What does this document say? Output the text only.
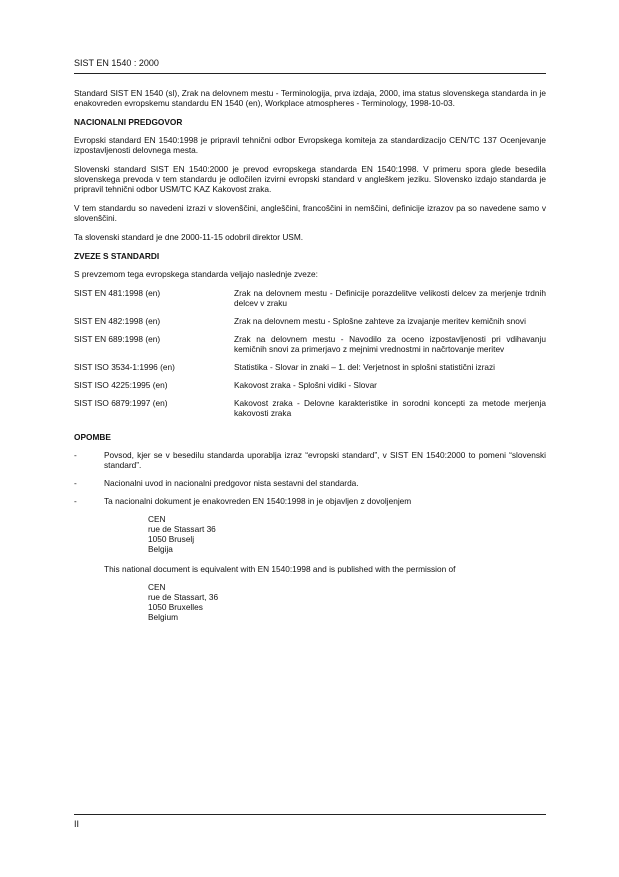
SIST EN 1540 : 2000

Standard SIST EN 1540 (sl), Zrak na delovnem mestu - Terminologija, prva izdaja, 2000, ima status slovenskega standarda in je enakovreden evropskemu standardu EN 1540 (en), Workplace atmospheres - Terminology, 1998-10-03.

NACIONALNI PREDGOVOR

Evropski standard EN 1540:1998 je pripravil tehnični odbor Evropskega komiteja za standardizacijo CEN/TC 137 Ocenjevanje izpostavljenosti delovnega mesta.

Slovenski standard SIST EN 1540:2000 je prevod evropskega standarda EN 1540:1998. V primeru spora glede besedila slovenskega prevoda v tem standardu je odločilen izvirni evropski standard v angleškem jeziku. Slovensko izdajo standarda je pripravil tehnični odbor USM/TC KAZ Kakovost zraka.

V tem standardu so navedeni izrazi v slovenščini, angleščini, francoščini in nemščini, definicije izrazov pa so navedene samo v slovenščini.

Ta slovenski standard je dne 2000-11-15 odobril direktor USM.

ZVEZE S STANDARDI

S prevzemom tega evropskega standarda veljajo naslednje zveze:

SIST EN 481:1998 (en)	Zrak na delovnem mestu - Definicije porazdelitve velikosti delcev za merjenje trdnih delcev v zraku
SIST EN 482:1998 (en)	Zrak na delovnem mestu - Splošne zahteve za izvajanje meritev kemičnih snovi
SIST EN 689:1998 (en)	Zrak na delovnem mestu - Navodilo za oceno izpostavljenosti pri vdihavanju kemičnih snovi za primerjavo z mejnimi vrednostmi in načrtovanje meritev
SIST ISO 3534-1:1996 (en)	Statistika - Slovar in znaki – 1. del: Verjetnost in splošni statistični izrazi
SIST ISO 4225:1995 (en)	Kakovost zraka - Splošni vidiki - Slovar
SIST ISO 6879:1997 (en)	Kakovost zraka - Delovne karakteristike in sorodni koncepti za metode merjenja kakovosti zraka
OPOMBE
-	Povsod, kjer se v besedilu standarda uporablja izraz “evropski standard”, v SIST EN 1540:2000 to pomeni “slovenski standard”.
-	Nacionalni uvod in nacionalni predgovor nista sestavni del standarda.
-	Ta nacionalni dokument je enakovreden EN 1540:1998 in je objavljen z dovoljenjem
CEN
rue de Stassart 36
1050 Bruselj
Belgija
This national document is equivalent with EN 1540:1998 and is published with the permission of
CEN
rue de Stassart, 36
1050 Bruxelles
Belgium
II
